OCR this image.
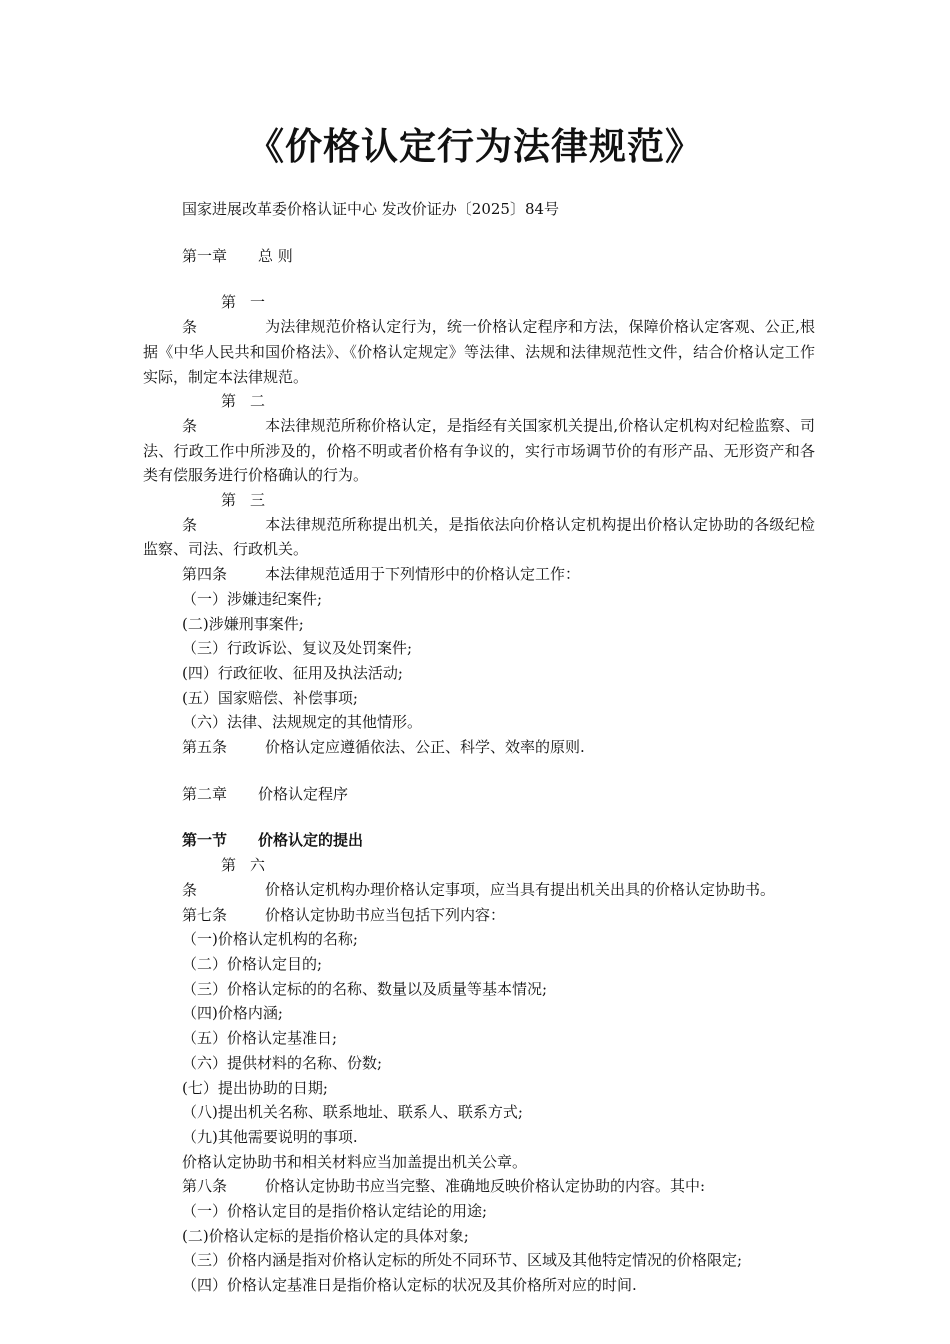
《价格认定行为法律规范》

国家进展改革委价格认证中心 发改价证办〔2025〕84号

第一章 总 则

第一条	为法律规范价格认定行为，统一价格认定程序和方法，保障价格认定客观、公正,根据《中华人民共和国价格法》、《价格认定规定》等法律、法规和法律规范性文件，结合价格认定工作实际，制定本法律规范。

第二条	本法律规范所称价格认定，是指经有关国家机关提出,价格认定机构对纪检监察、司法、行政工作中所涉及的，价格不明或者价格有争议的，实行市场调节价的有形产品、无形资产和各类有偿服务进行价格确认的行为。

第三条	本法律规范所称提出机关，是指依法向价格认定机构提出价格认定协助的各级纪检监察、司法、行政机关。

第四条	本法律规范适用于下列情形中的价格认定工作：

（一）涉嫌违纪案件;

(二)涉嫌刑事案件;

（三）行政诉讼、复议及处罚案件;

(四）行政征收、征用及执法活动;

(五）国家赔偿、补偿事项;

（六）法律、法规规定的其他情形。

第五条	价格认定应遵循依法、公正、科学、效率的原则.

第二章 价格认定程序

第一节 价格认定的提出

第六条	价格认定机构办理价格认定事项，应当具有提出机关出具的价格认定协助书。

第七条	价格认定协助书应当包括下列内容：

（一)价格认定机构的名称;

（二）价格认定目的;

（三）价格认定标的的名称、数量以及质量等基本情况;

（四)价格内涵;

（五）价格认定基准日;

（六）提供材料的名称、份数;

(七）提出协助的日期;

（八)提出机关名称、联系地址、联系人、联系方式;

（九)其他需要说明的事项.

价格认定协助书和相关材料应当加盖提出机关公章。

第八条	价格认定协助书应当完整、准确地反映价格认定协助的内容。其中:

（一）价格认定目的是指价格认定结论的用途;

(二)价格认定标的是指价格认定的具体对象;

（三）价格内涵是指对价格认定标的所处不同环节、区域及其他特定情况的价格限定;

（四）价格认定基准日是指价格认定标的状况及其价格所对应的时间.
